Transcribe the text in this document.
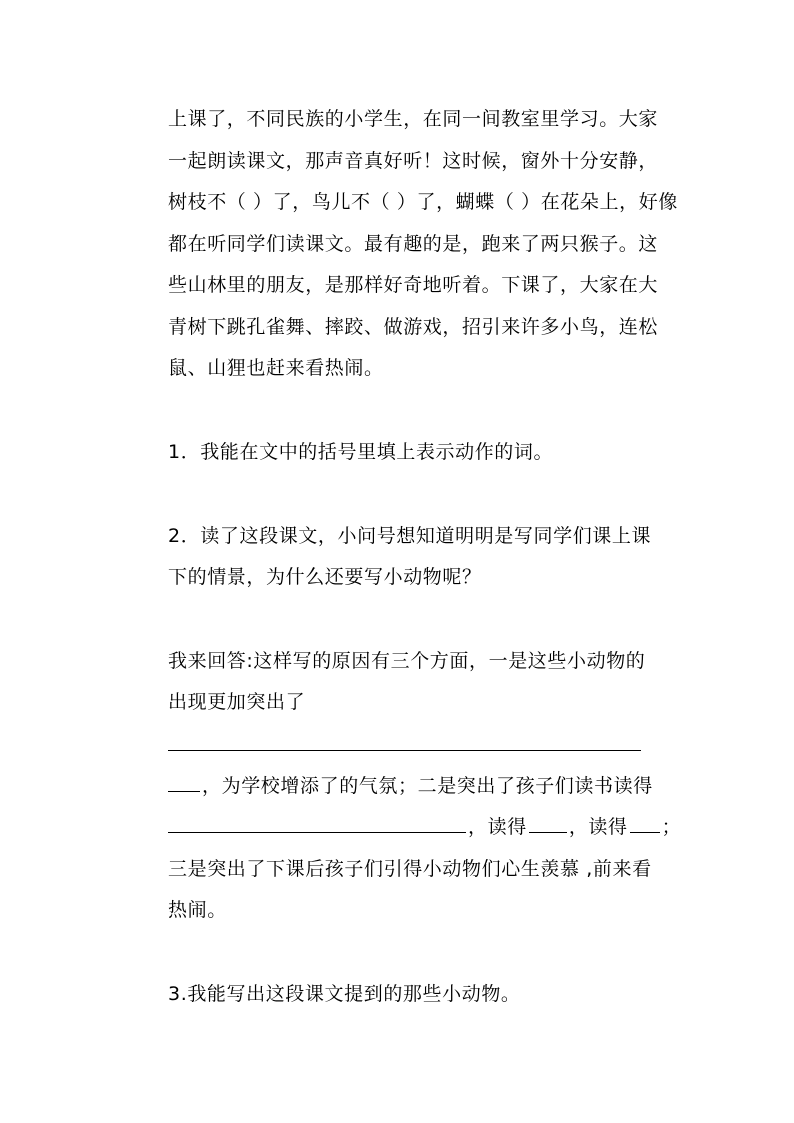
上课了，不同民族的小学生，在同一间教室里学习。大家
一起朗读课文，那声音真好听！这时候，窗外十分安静，
树枝不（ ）了，鸟儿不（ ）了，蝴蝶（ ）在花朵上，好像
都在听同学们读课文。最有趣的是，跑来了两只猴子。这
些山林里的朋友，是那样好奇地听着。下课了，大家在大
青树下跳孔雀舞、摔跤、做游戏，招引来许多小鸟，连松
鼠、山狸也赶来看热闹。
1．我能在文中的括号里填上表示动作的词。
2．读了这段课文，小问号想知道明明是写同学们课上课
下的情景，为什么还要写小动物呢？
我来回答:这样写的原因有三个方面，一是这些小动物的
出现更加突出了
，为学校增添了的气氛；二是突出了孩子们读书读得
，读得 ，读得 ；
三是突出了下课后孩子们引得小动物们心生羡慕 ,前来看
热闹。
3.我能写出这段课文提到的那些小动物。
